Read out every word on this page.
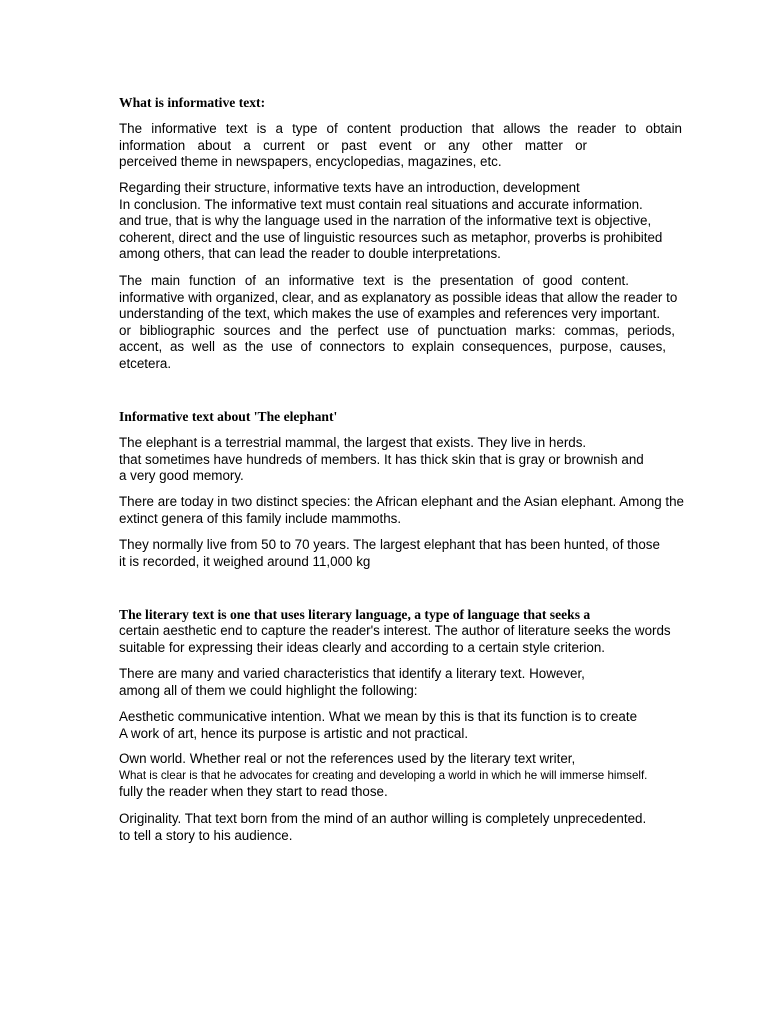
What is informative text:
The informative text is a type of content production that allows the reader to obtain
information about a current or past event or any other matter or
perceived theme in newspapers, encyclopedias, magazines, etc.
Regarding their structure, informative texts have an introduction, development
In conclusion. The informative text must contain real situations and accurate information.
and true, that is why the language used in the narration of the informative text is objective,
coherent, direct and the use of linguistic resources such as metaphor, proverbs is prohibited
among others, that can lead the reader to double interpretations.
The main function of an informative text is the presentation of good content.
informative with organized, clear, and as explanatory as possible ideas that allow the reader to
understanding of the text, which makes the use of examples and references very important.
or bibliographic sources and the perfect use of punctuation marks: commas, periods,
accent, as well as the use of connectors to explain consequences, purpose, causes,
etcetera.
Informative text about 'The elephant'
The elephant is a terrestrial mammal, the largest that exists. They live in herds.
that sometimes have hundreds of members. It has thick skin that is gray or brownish and
a very good memory.
There are today in two distinct species: the African elephant and the Asian elephant. Among the
extinct genera of this family include mammoths.
They normally live from 50 to 70 years. The largest elephant that has been hunted, of those
it is recorded, it weighed around 11,000 kg
The literary text is one that uses literary language, a type of language that seeks a
certain aesthetic end to capture the reader's interest. The author of literature seeks the words
suitable for expressing their ideas clearly and according to a certain style criterion.
There are many and varied characteristics that identify a literary text. However,
among all of them we could highlight the following:
Aesthetic communicative intention. What we mean by this is that its function is to create
A work of art, hence its purpose is artistic and not practical.
Own world. Whether real or not the references used by the literary text writer,
What is clear is that he advocates for creating and developing a world in which he will immerse himself.
fully the reader when they start to read those.
Originality. That text born from the mind of an author willing is completely unprecedented.
to tell a story to his audience.
